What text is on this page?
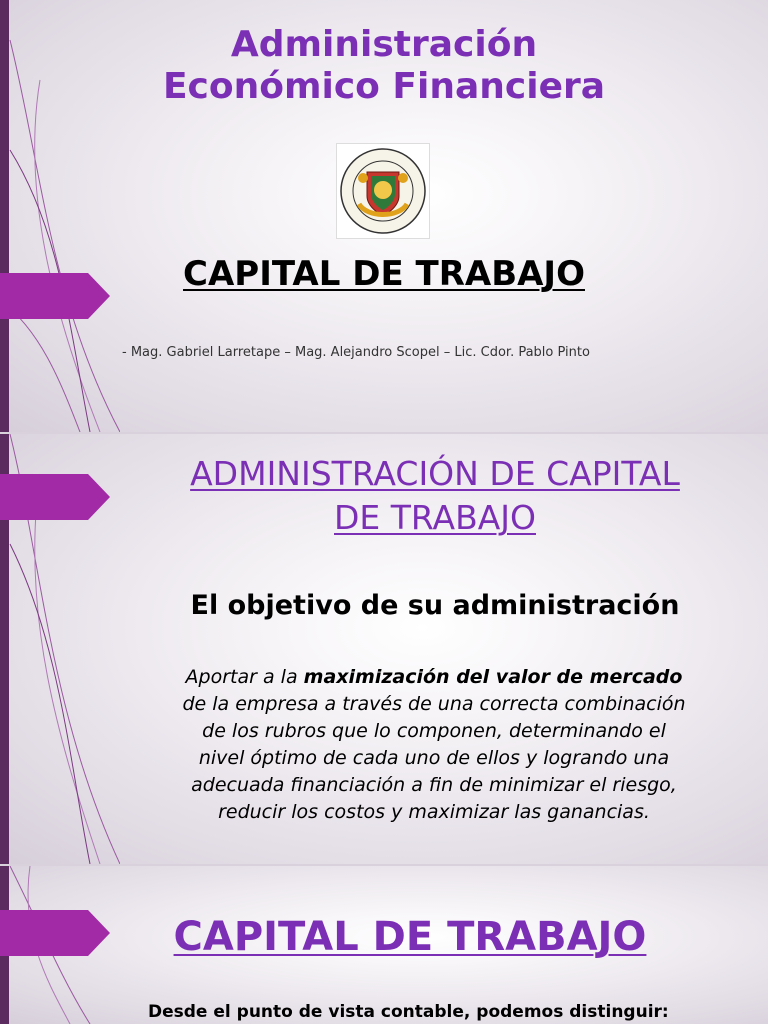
Administración
Económico Financiera
CAPITAL DE TRABAJO
- Mag. Gabriel Larretape – Mag. Alejandro Scopel – Lic. Cdor. Pablo Pinto
ADMINISTRACIÓN DE CAPITAL
DE TRABAJO
El objetivo de su administración
Aportar a la maximización del valor de mercado
de la empresa a través de una correcta combinación
de los rubros que lo componen, determinando el
nivel óptimo de cada uno de ellos y logrando una
adecuada financiación a fin de minimizar el riesgo,
reducir los costos y maximizar las ganancias.
CAPITAL DE TRABAJO
Desde el punto de vista contable, podemos distinguir:
